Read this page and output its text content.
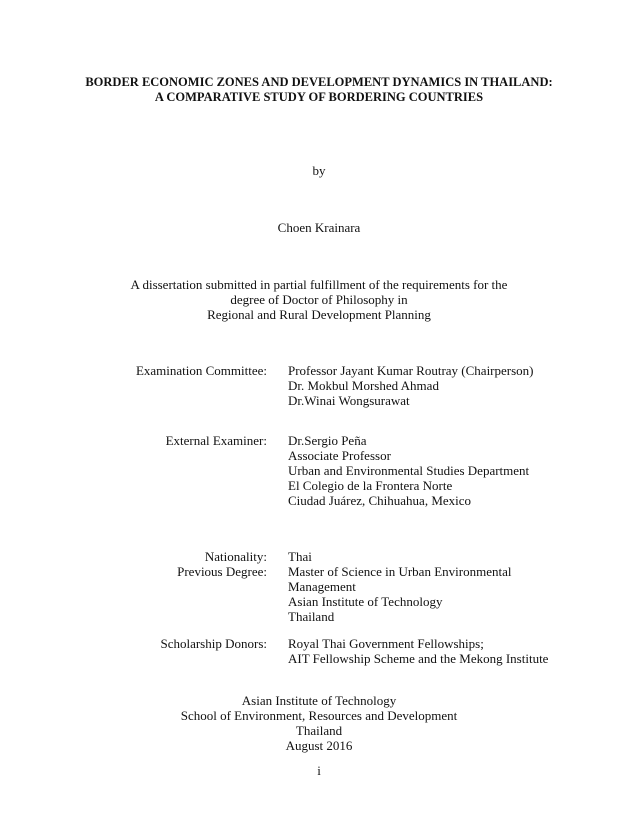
BORDER ECONOMIC ZONES AND DEVELOPMENT DYNAMICS IN THAILAND:
A COMPARATIVE STUDY OF BORDERING COUNTRIES
by
Choen Krainara
A dissertation submitted in partial fulfillment of the requirements for the
degree of Doctor of Philosophy in
Regional and Rural Development Planning
Examination Committee: Professor Jayant Kumar Routray (Chairperson)
Dr. Mokbul Morshed Ahmad
Dr.Winai Wongsurawat
External Examiner: Dr.Sergio Peña
Associate Professor
Urban and Environmental Studies Department
El Colegio de la Frontera Norte
Ciudad Juárez, Chihuahua, Mexico
Nationality:
Previous Degree:
Thai
Master of Science in Urban Environmental
Management
Asian Institute of Technology
Thailand
Scholarship Donors: Royal Thai Government Fellowships;
AIT Fellowship Scheme and the Mekong Institute
Asian Institute of Technology
School of Environment, Resources and Development
Thailand
August 2016
i
